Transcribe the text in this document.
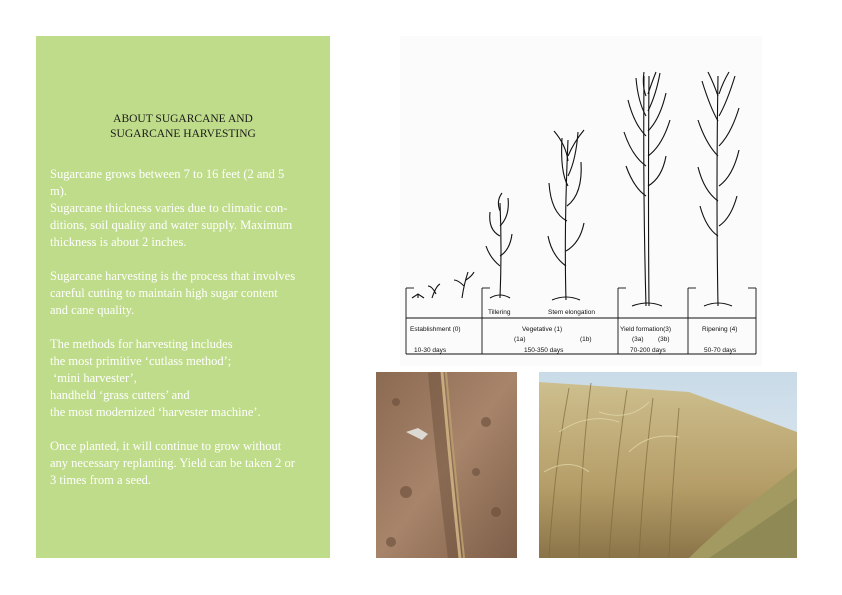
ABOUT SUGARCANE AND
SUGARCANE HARVESTING

Sugarcane grows between 7 to 16 feet (2 and 5
m).
Sugarcane thickness varies due to climatic con-
ditions, soil quality and water supply. Maximum
thickness is about 2 inches.

Sugarcane harvesting is the process that involves
careful cutting to maintain high sugar content
and cane quality.

The methods for harvesting includes
the most primitive ‘cutlass method’;
‘mini harvester’,
handheld ‘grass cutters’ and
the most modernized ‘harvester machine’.

Once planted, it will continue to grow without
any necessary replanting. Yield can be taken 2 or
3 times from a seed.

Tillering	Stem elongation
Establishment (0)	Vegetative (1)	Yield formation(3)	Ripening (4)
(1a)	(1b)	(3a) (3b)
10-30 days	150-350 days	70-200 days	50-70 days
